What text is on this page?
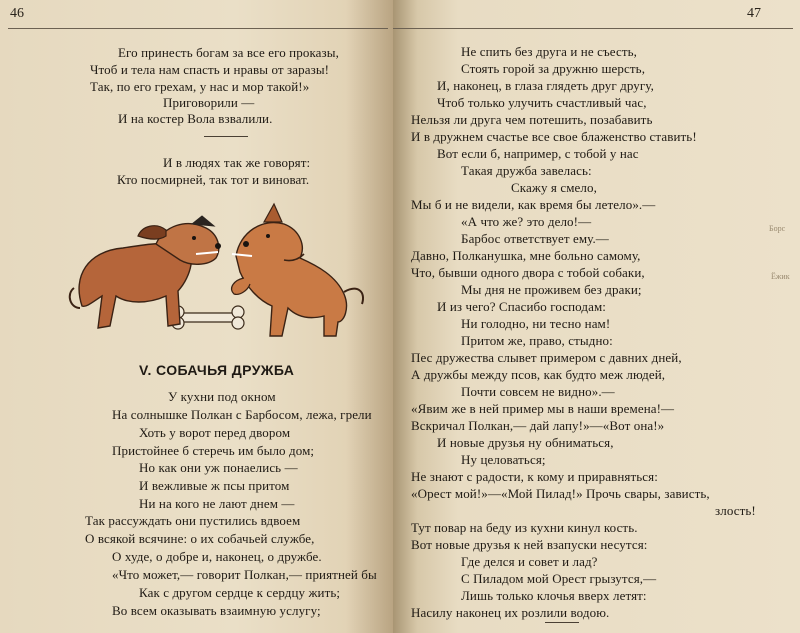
46
Его принесть богам за все его проказы,
Чтоб и тела нам спасть и нравы от заразы!
Так, по его грехам, у нас и мор такой!»
Приговорили —
И на костер Вола взвалили.
И в людях так же говорят:
Кто посмирней, так тот и виноват.
V. СОБАЧЬЯ ДРУЖБА
У кухни под окном
На солнышке Полкан с Барбосом, лежа, грели
Хоть у ворот перед двором
Пристойнее б стеречь им было дом;
Но как они уж понаелись —
И вежливые ж псы притом
Ни на кого не лают днем —
Так рассуждать они пустились вдвоем
О всякой всячине: о их собачьей службе,
О худе, о добре и, наконец, о дружбе.
«Что может,— говорит Полкан,— приятней бы
Как с другом сердце к сердцу жить;
Во всем оказывать взаимную услугу;
47
Не спить без друга и не съесть,
Стоять горой за дружню шерсть,
И, наконец, в глаза глядеть друг другу,
Чтоб только улучить счастливый час,
Нельзя ли друга чем потешить, позабавить
И в дружнем счастье все свое блаженство ставить!
Вот если б, например, с тобой у нас
Такая дружба завелась:
Скажу я смело,
Мы б и не видели, как время бы летело».—
«А что же? это дело!—
Барбос ответствует ему.—
Давно, Полканушка, мне больно самому,
Что, бывши одного двора с тобой собаки,
Мы дня не проживем без драки;
И из чего? Спасибо господам:
Ни голодно, ни тесно нам!
Притом же, право, стыдно:
Пес дружества слывет примером с давних дней,
А дружбы между псов, как будто меж людей,
Почти совсем не видно».—
«Явим же в ней пример мы в наши времена!—
Вскричал Полкан,— дай лапу!»—«Вот она!»
И новые друзья ну обниматься,
Ну целоваться;
Не знают с радости, к кому и приравняться:
«Орест мой!»—«Мой Пилад!» Прочь свары, зависть,
злость!
Тут повар на беду из кухни кинул кость.
Вот новые друзья к ней взапуски несутся:
Где делся и совет и лад?
С Пиладом мой Орест грызутся,—
Лишь только клочья вверх летят:
Насилу наконец их розлили водою.
Борс
Ёжик
